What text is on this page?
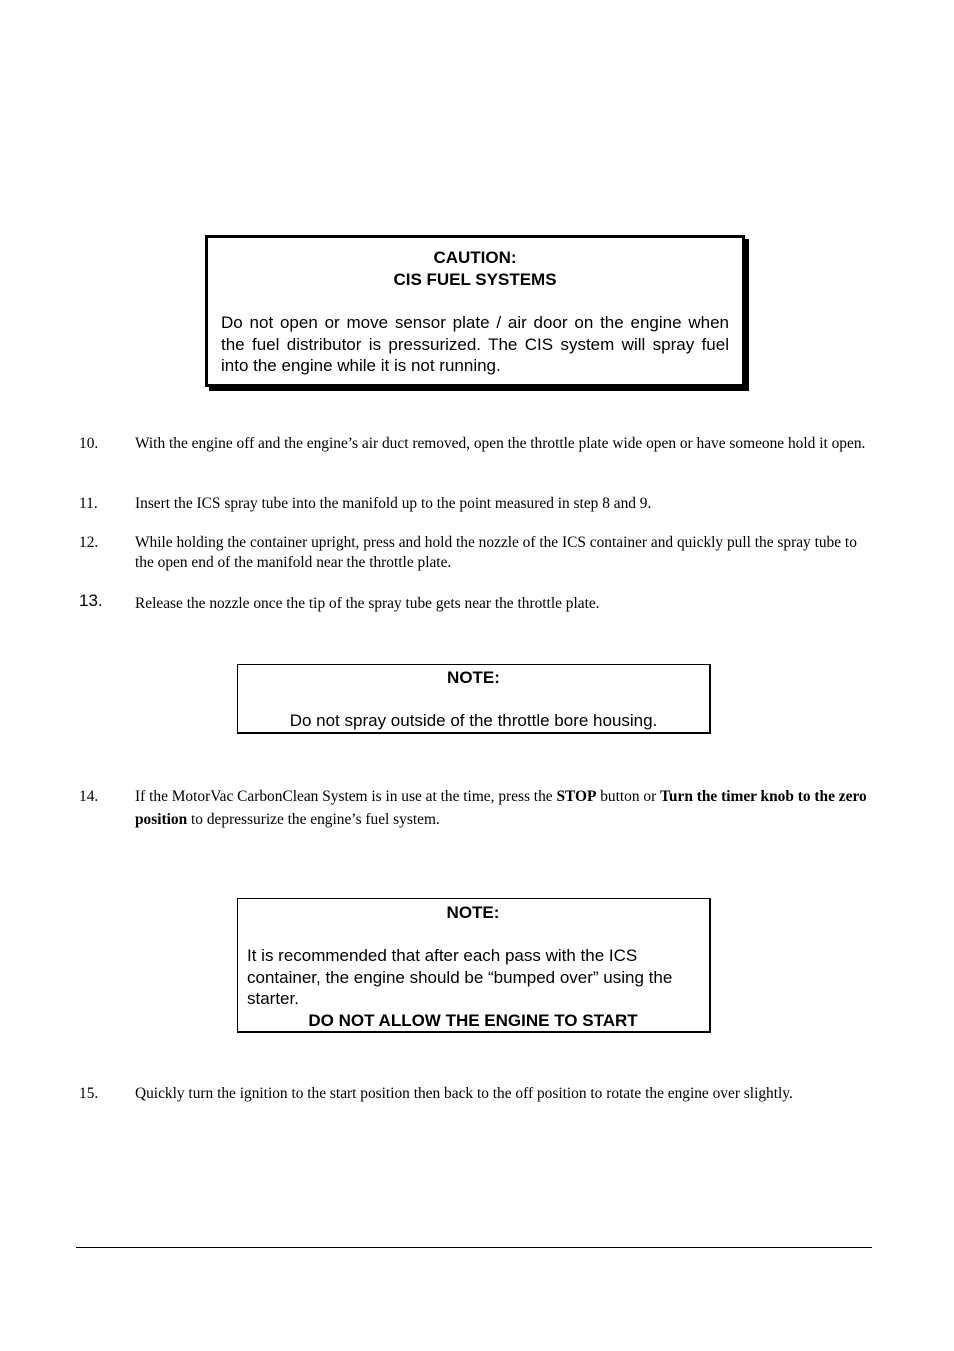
CAUTION:

CIS FUEL SYSTEMS

Do not open or move sensor plate / air door on the engine when the fuel distributor is pressurized. The CIS system will spray fuel into the engine while it is not running.
10. With the engine off and the engine’s air duct removed, open the throttle plate wide open or have someone hold it open.
11. Insert the ICS spray tube into the manifold up to the point measured in step 8 and 9.
12. While holding the container upright, press and hold the nozzle of the ICS container and quickly pull the spray tube to the open end of the manifold near the throttle plate.
13. Release the nozzle once the tip of the spray tube gets near the throttle plate.

NOTE:

Do not spray outside of the throttle bore housing.
14. If the MotorVac CarbonClean System is in use at the time, press the STOP button or Turn the timer knob to the zero position to depressurize the engine’s fuel system.

NOTE:

It is recommended that after each pass with the ICS container, the engine should be “bumped over” using the starter.
DO NOT ALLOW THE ENGINE TO START
15. Quickly turn the ignition to the start position then back to the off position to rotate the engine over slightly.
